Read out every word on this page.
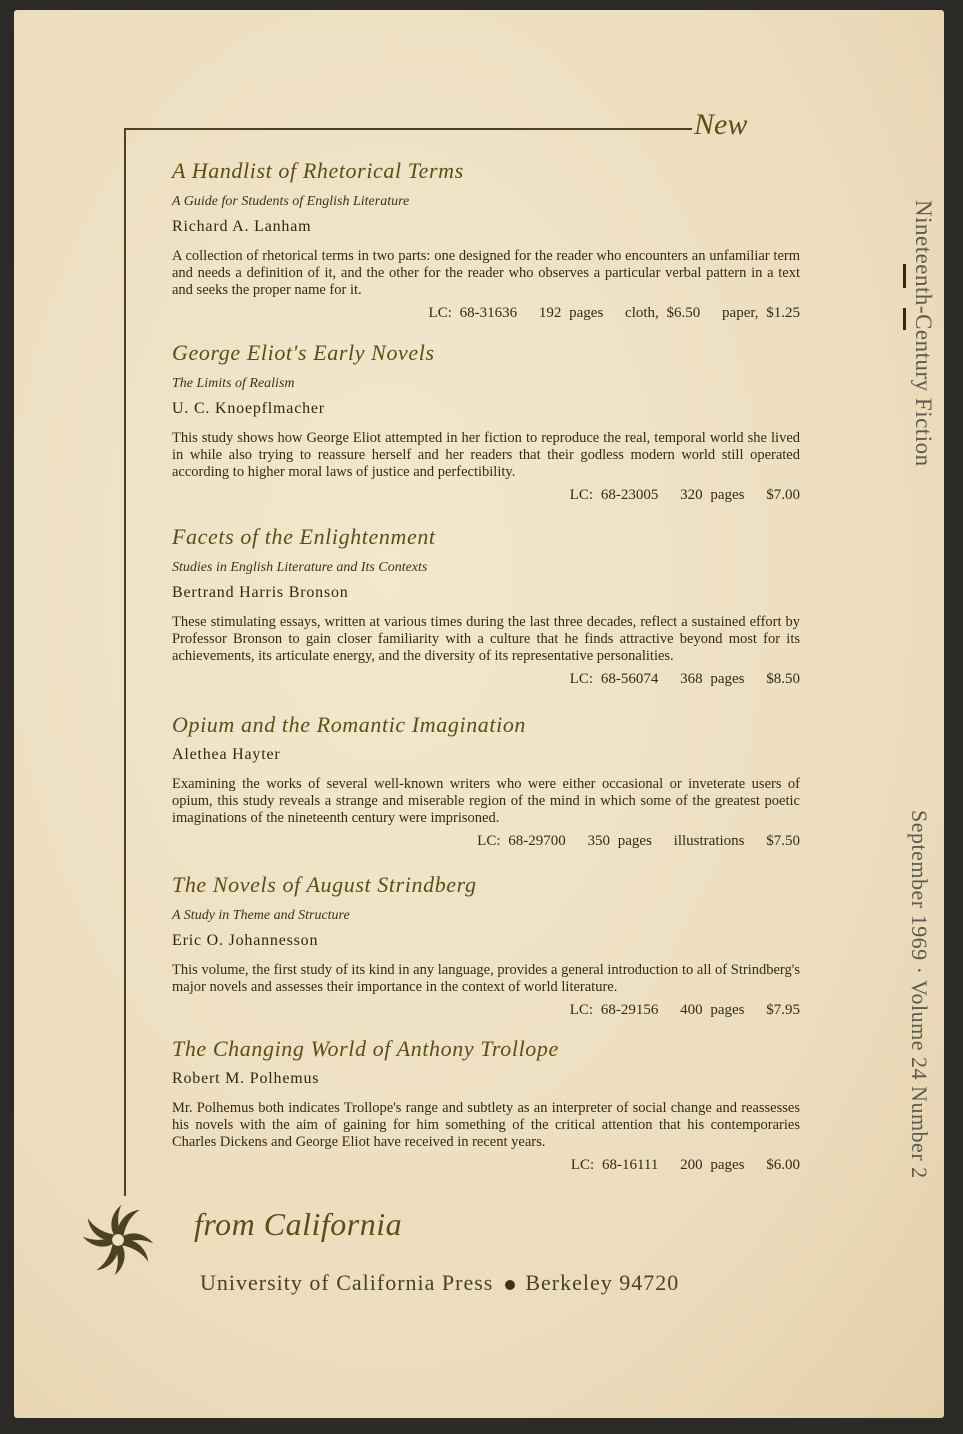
New
A Handlist of Rhetorical Terms
A Guide for Students of English Literature
Richard A. Lanham
A collection of rhetorical terms in two parts: one designed for the reader who encounters an unfamiliar term and needs a definition of it, and the other for the reader who observes a particular verbal pattern in a text and seeks the proper name for it.
LC: 68-31636 192 pages cloth, $6.50 paper, $1.25
George Eliot's Early Novels
The Limits of Realism
U. C. Knoepflmacher
This study shows how George Eliot attempted in her fiction to reproduce the real, temporal world she lived in while also trying to reassure herself and her readers that their godless modern world still operated according to higher moral laws of justice and perfectibility.
LC: 68-23005 320 pages $7.00
Facets of the Enlightenment
Studies in English Literature and Its Contexts
Bertrand Harris Bronson
These stimulating essays, written at various times during the last three decades, reflect a sustained effort by Professor Bronson to gain closer familiarity with a culture that he finds attractive beyond most for its achievements, its articulate energy, and the diversity of its representative personalities.
LC: 68-56074 368 pages $8.50
Opium and the Romantic Imagination
Alethea Hayter
Examining the works of several well-known writers who were either occasional or inveterate users of opium, this study reveals a strange and miserable region of the mind in which some of the greatest poetic imaginations of the nineteenth century were imprisoned.
LC: 68-29700 350 pages illustrations $7.50
The Novels of August Strindberg
A Study in Theme and Structure
Eric O. Johannesson
This volume, the first study of its kind in any language, provides a general introduction to all of Strindberg's major novels and assesses their importance in the context of world literature.
LC: 68-29156 400 pages $7.95
The Changing World of Anthony Trollope
Robert M. Polhemus
Mr. Polhemus both indicates Trollope's range and subtlety as an interpreter of social change and reassesses his novels with the aim of gaining for him something of the critical attention that his contemporaries Charles Dickens and George Eliot have received in recent years.
LC: 68-16111 200 pages $6.00
from California
University of California Press Berkeley 94720
Nineteenth-Century Fiction
September 1969 · Volume 24 Number 2
